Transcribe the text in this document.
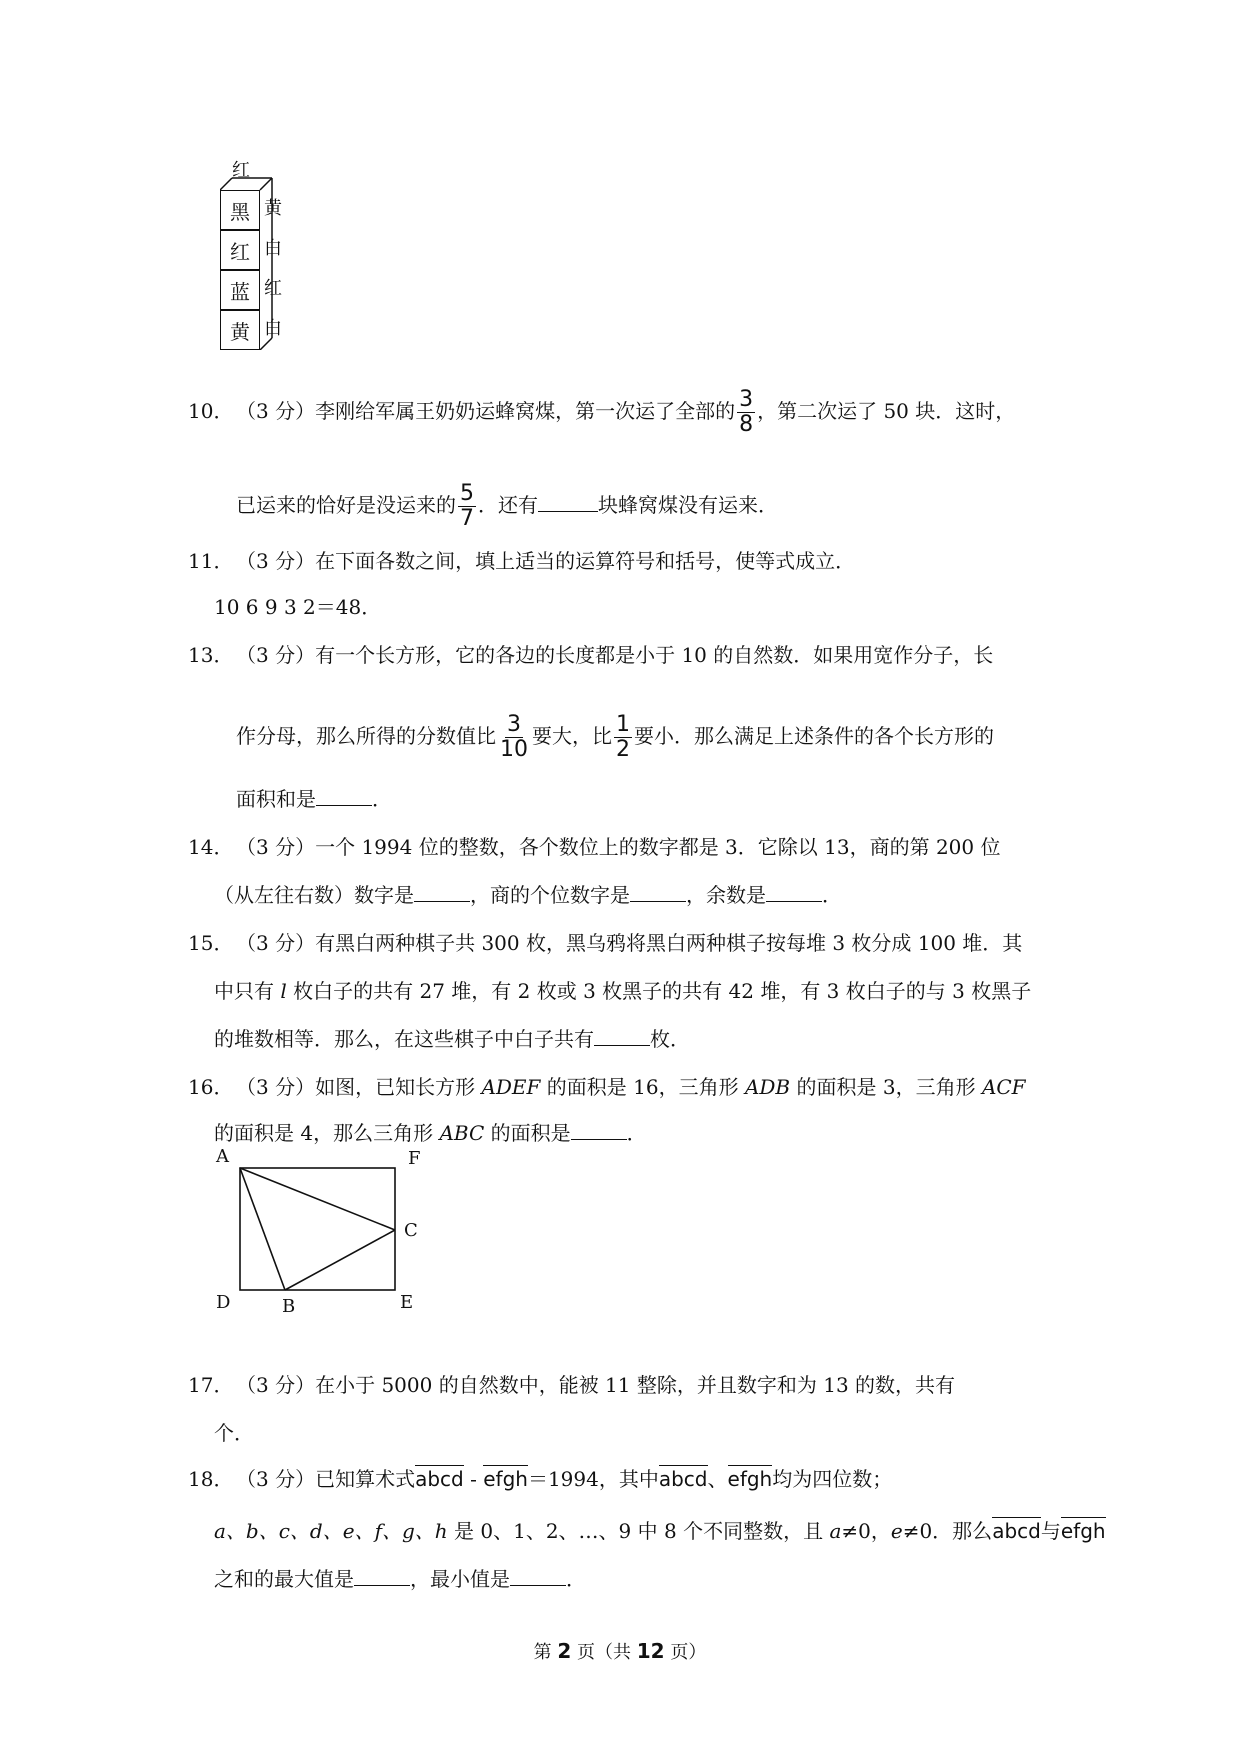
红
黑
红
蓝
黄
黄
白
红
白
10． （3 分）李刚给军属王奶奶运蜂窝煤，第一次运了全部的 $\frac{3}{8}$ ，第二次运了 50 块．这时，
已运来的恰好是没运来的 $\frac{5}{7}$ ．还有	块蜂窝煤没有运来．
11． （3 分）在下面各数之间，填上适当的运算符号和括号，使等式成立．
10 6 9 3 2＝48．
13． （3 分）有一个长方形，它的各边的长度都是小于 10 的自然数．如果用宽作分子，长
作分母，那么所得的分数值比 $\frac{3}{10}$ 要大，比 $\frac{1}{2}$ 要小．那么满足上述条件的各个长方形的
面积和是	．
14． （3 分）一个 1994 位的整数，各个数位上的数字都是 3．它除以 13，商的第 200 位
（从左往右数）数字是	，商的个位数字是	，余数是	．
15． （3 分）有黑白两种棋子共 300 枚，黑乌鸦将黑白两种棋子按每堆 3 枚分成 100 堆．其
中只有 l 枚白子的共有 27 堆，有 2 枚或 3 枚黑子的共有 42 堆，有 3 枚白子的与 3 枚黑子
的堆数相等．那么，在这些棋子中白子共有	枚．
16． （3 分）如图，已知长方形 ADEF 的面积是 16，三角形 ADB 的面积是 3，三角形 ACF
的面积是 4，那么三角形 ABC 的面积是	．
A	F
C
D	B	E
17． （3 分）在小于 5000 的自然数中，能被 11 整除，并且数字和为 13 的数，共有
个．
18． （3 分）已知算术式abcd - efgh＝1994，其中abcd、efgh均为四位数；
a、b、c、d、e、f、g、h 是 0、1、2、…、9 中 8 个不同整数，且 a≠0，e≠0．那么abcd与efgh
之和的最大值是	，最小值是	．
第 2 页（共 12 页）
